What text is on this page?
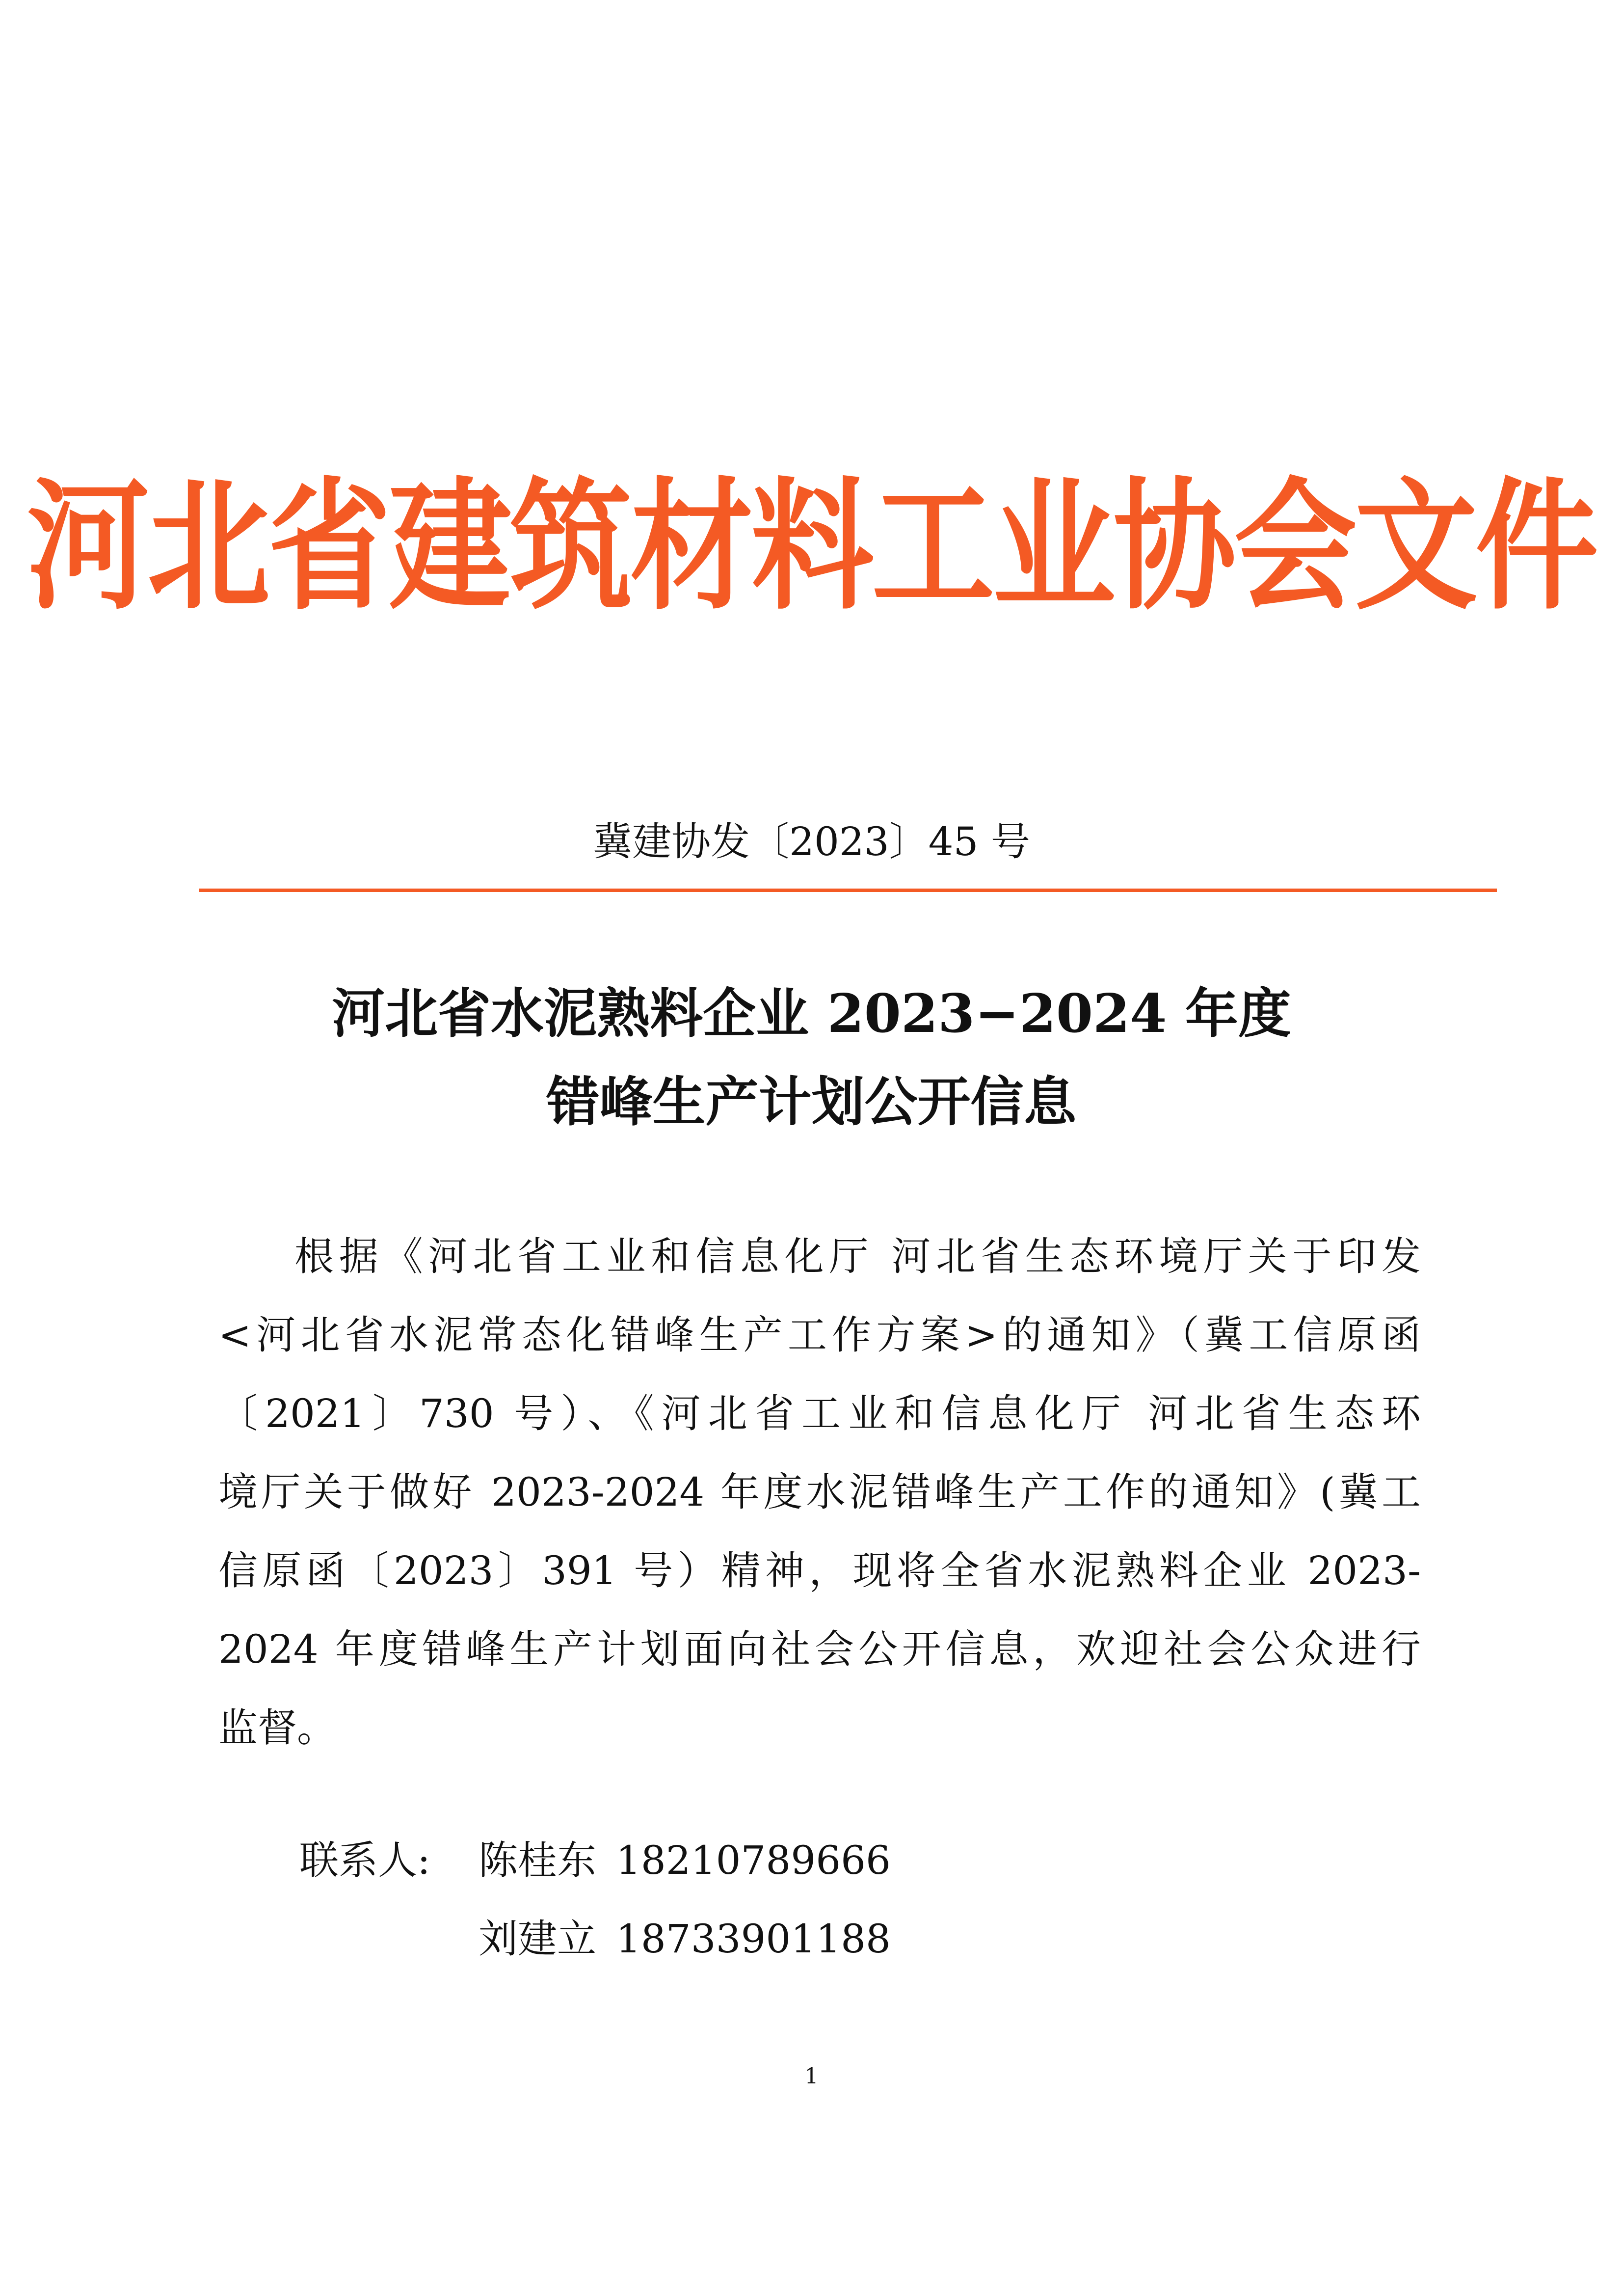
河北省建筑材料工业协会文件
冀建协发〔2023〕45 号
河北省水泥熟料企业 2023−2024 年度
错峰生产计划公开信息
根据《河北省工业和信息化厅 河北省生态环境厅关于印发
<河北省水泥常态化错峰生产工作方案>的通知》（冀工信原函
〔2021〕730 号）、《河北省工业和信息化厅 河北省生态环
境厅关于做好 2023-2024 年度水泥错峰生产工作的通知》(冀工
信原函〔2023〕391 号）精神，现将全省水泥熟料企业 2023-
2024 年度错峰生产计划面向社会公开信息，欢迎社会公众进行
监督。
联系人: 陈桂东 18210789666
刘建立 18733901188
1
